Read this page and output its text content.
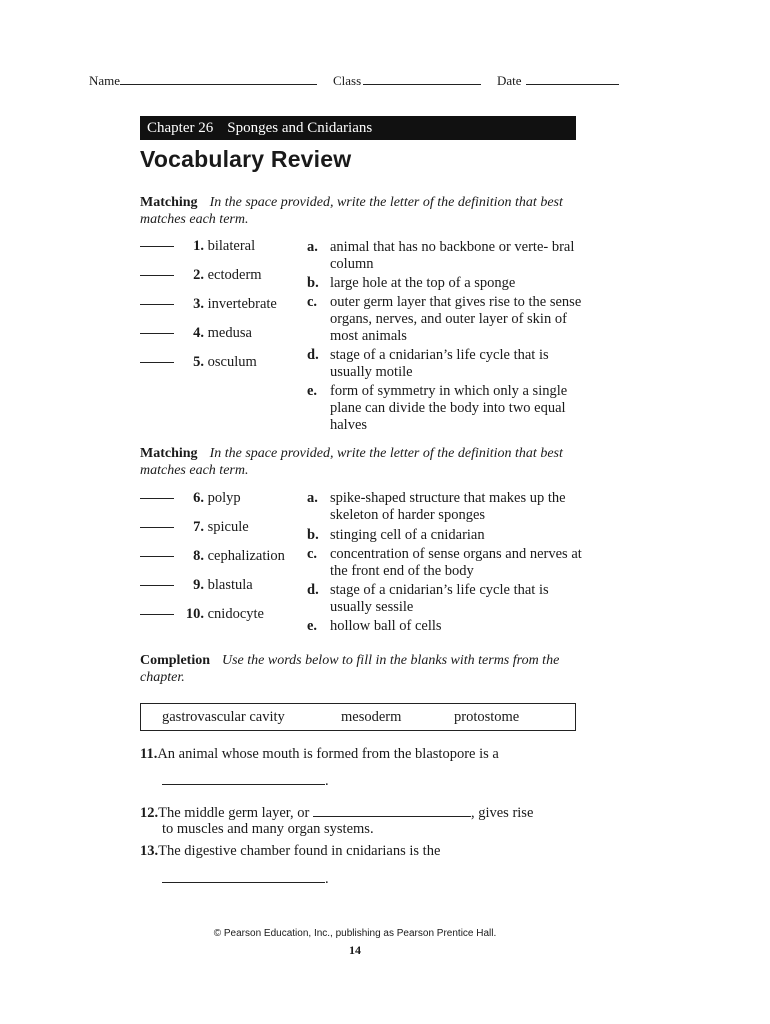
Name	Class	Date
Chapter 26 Sponges and Cnidarians
Vocabulary Review
Matching In the space provided, write the letter of the definition that best matches each term.
1. bilateral
2. ectoderm
3. invertebrate
4. medusa
5. osculum
a. animal that has no backbone or verte- bral column
b. large hole at the top of a sponge
c. outer germ layer that gives rise to the sense organs, nerves, and outer layer of skin of most animals
d. stage of a cnidarian’s life cycle that is usually motile
e. form of symmetry in which only a single plane can divide the body into two equal halves
Matching In the space provided, write the letter of the definition that best matches each term.
6. polyp
7. spicule
8. cephalization
9. blastula
10. cnidocyte
a. spike-shaped structure that makes up the skeleton of harder sponges
b. stinging cell of a cnidarian
c. concentration of sense organs and nerves at the front end of the body
d. stage of a cnidarian’s life cycle that is usually sessile
e. hollow ball of cells
Completion Use the words below to fill in the blanks with terms from the chapter.
gastrovascular cavity	mesoderm	protostome
11.An animal whose mouth is formed from the blastopore is a
.
12.The middle germ layer, or	, gives rise
to muscles and many organ systems.
13.The digestive chamber found in cnidarians is the
.
© Pearson Education, Inc., publishing as Pearson Prentice Hall.
14
